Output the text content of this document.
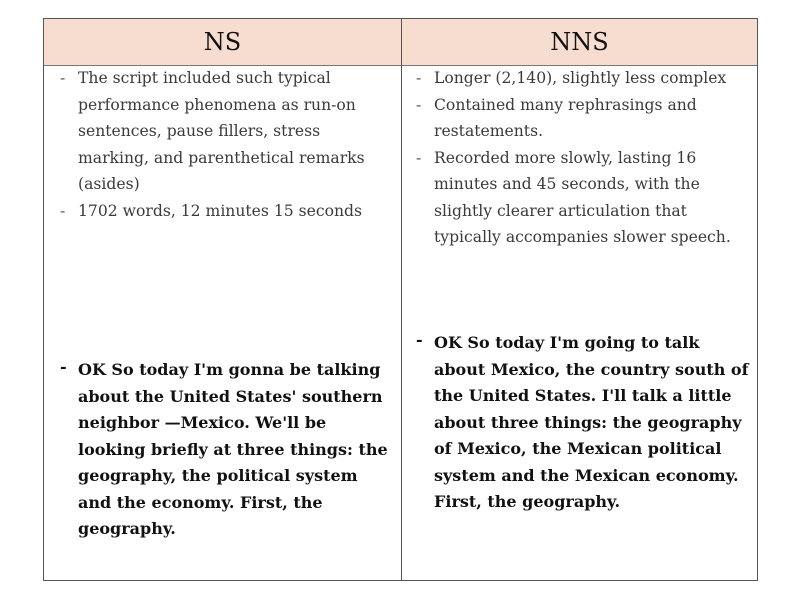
NS	NNS
- The script included such typical performance phenomena as run-on sentences, pause fillers, stress marking, and parenthetical remarks (asides)
- 1702 words, 12 minutes 15 seconds
- OK So today I'm gonna be talking about the United States' southern neighbor —Mexico. We'll be looking briefly at three things: the geography, the political system and the economy. First, the geography.

- Longer (2,140), slightly less complex
- Contained many rephrasings and restatements.
- Recorded more slowly, lasting 16 minutes and 45 seconds, with the slightly clearer articulation that typically accompanies slower speech.
- OK So today I'm going to talk about Mexico, the country south of the United States. I'll talk a little about three things: the geography of Mexico, the Mexican political system and the Mexican economy. First, the geography.
